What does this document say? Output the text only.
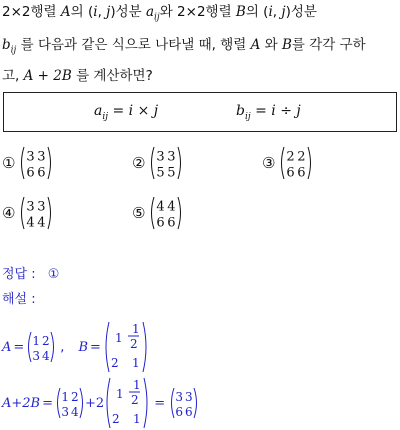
2×2행렬 A의 (i, j)성분 $a_{ij}$와 2×2행렬 B의 (i, j)성분
$b_{ij}$ 를 다음과 같은 식으로 나타낼 때, 행렬 A 와 B를 각각 구하
고, A + 2B 를 계산하면?
$a_{ij} = i \times j$	$b_{ij} = i \div j$
① 3 3
6 6
② 3 3
5 5
③ 2 2
6 6
④ 3 3
4 4
⑤ 4 4
6 6
정답 : ①
해설 :
A = 1 2
3 4
, B =
1
1
2
2 1
A+2B = 1 2
3 4
+ 2
1
1
2
2 1
= 3 3
6 6
